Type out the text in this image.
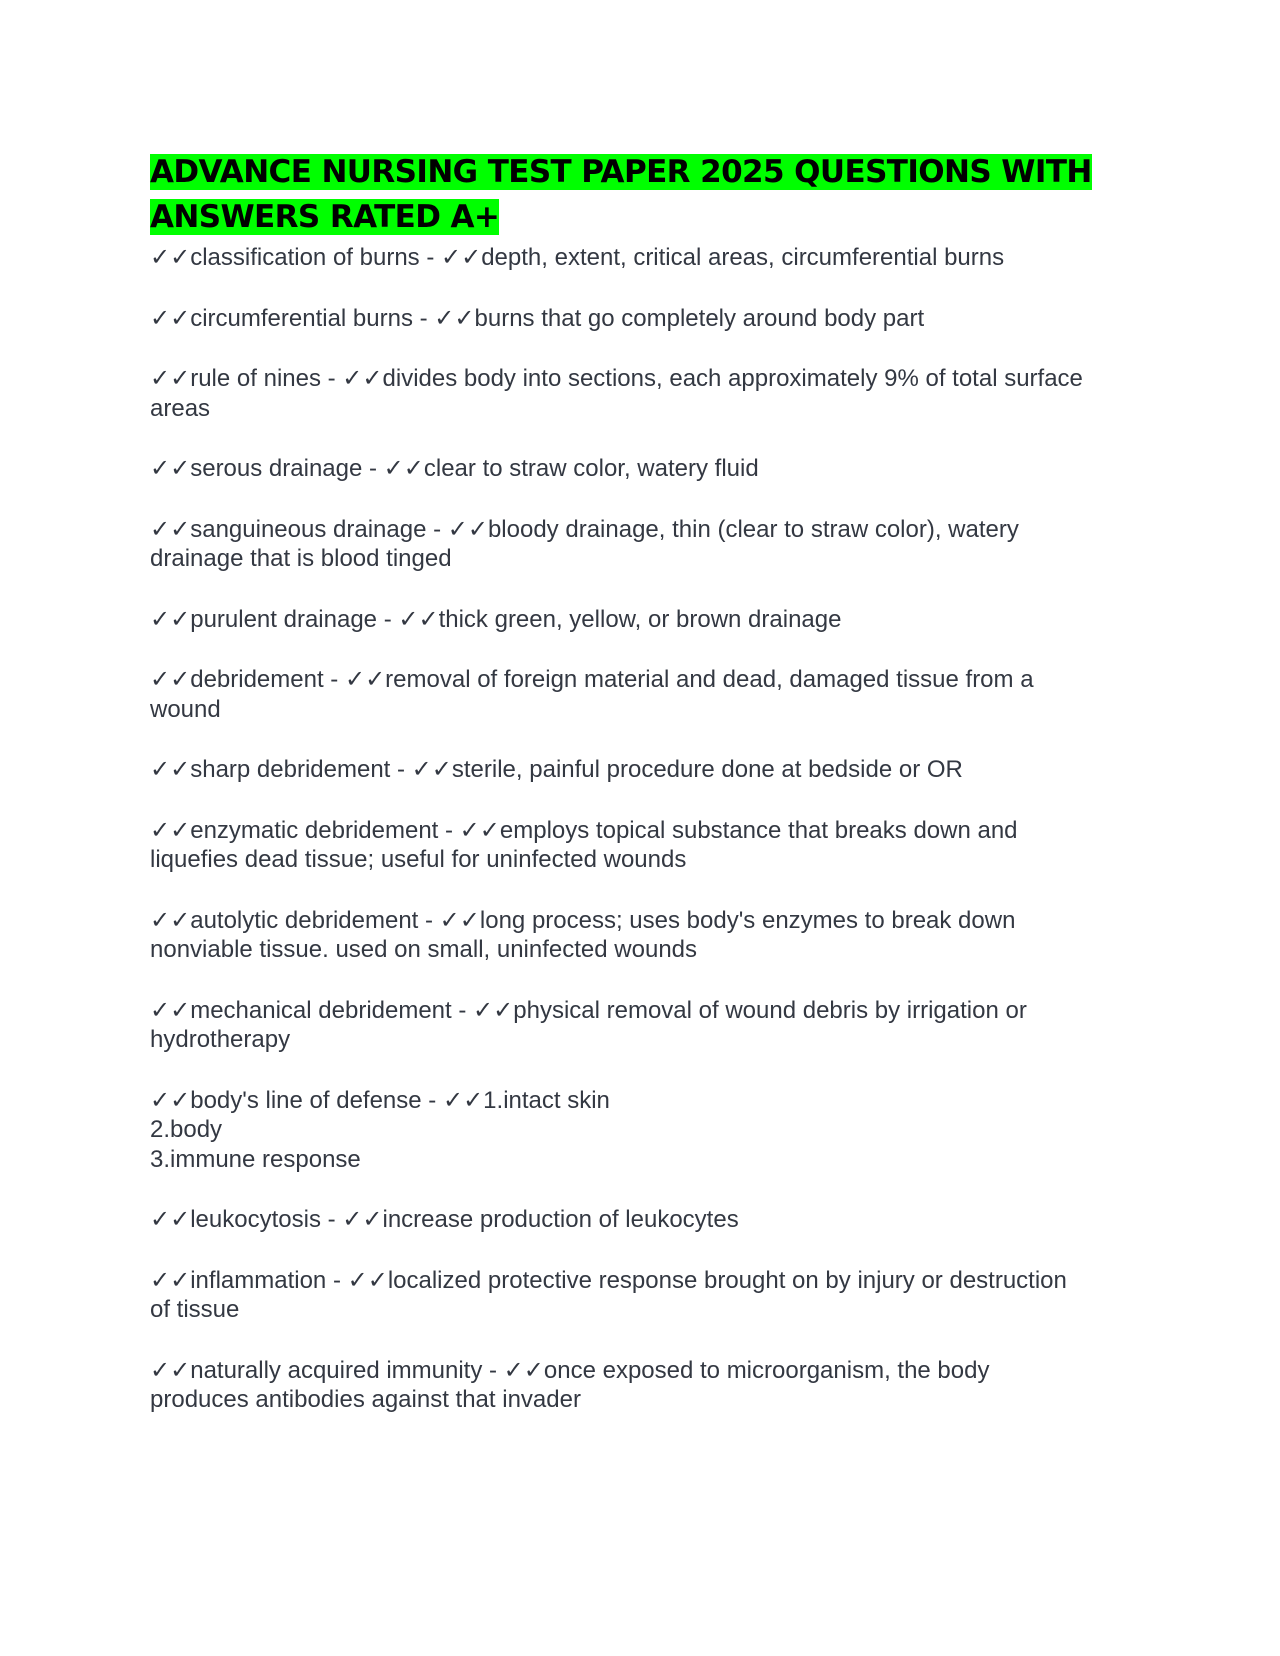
ADVANCE NURSING TEST PAPER 2025 QUESTIONS WITH ANSWERS RATED A+

✓✓classification of burns - ✓✓depth, extent, critical areas, circumferential burns

✓✓circumferential burns - ✓✓burns that go completely around body part

✓✓rule of nines - ✓✓divides body into sections, each approximately 9% of total surface
areas

✓✓serous drainage - ✓✓clear to straw color, watery fluid

✓✓sanguineous drainage - ✓✓bloody drainage, thin (clear to straw color), watery
drainage that is blood tinged

✓✓purulent drainage - ✓✓thick green, yellow, or brown drainage

✓✓debridement - ✓✓removal of foreign material and dead, damaged tissue from a
wound

✓✓sharp debridement - ✓✓sterile, painful procedure done at bedside or OR

✓✓enzymatic debridement - ✓✓employs topical substance that breaks down and
liquefies dead tissue; useful for uninfected wounds

✓✓autolytic debridement - ✓✓long process; uses body's enzymes to break down
nonviable tissue. used on small, uninfected wounds

✓✓mechanical debridement - ✓✓physical removal of wound debris by irrigation or
hydrotherapy

✓✓body's line of defense - ✓✓1.intact skin
2.body
3.immune response

✓✓leukocytosis - ✓✓increase production of leukocytes

✓✓inflammation - ✓✓localized protective response brought on by injury or destruction
of tissue

✓✓naturally acquired immunity - ✓✓once exposed to microorganism, the body
produces antibodies against that invader
